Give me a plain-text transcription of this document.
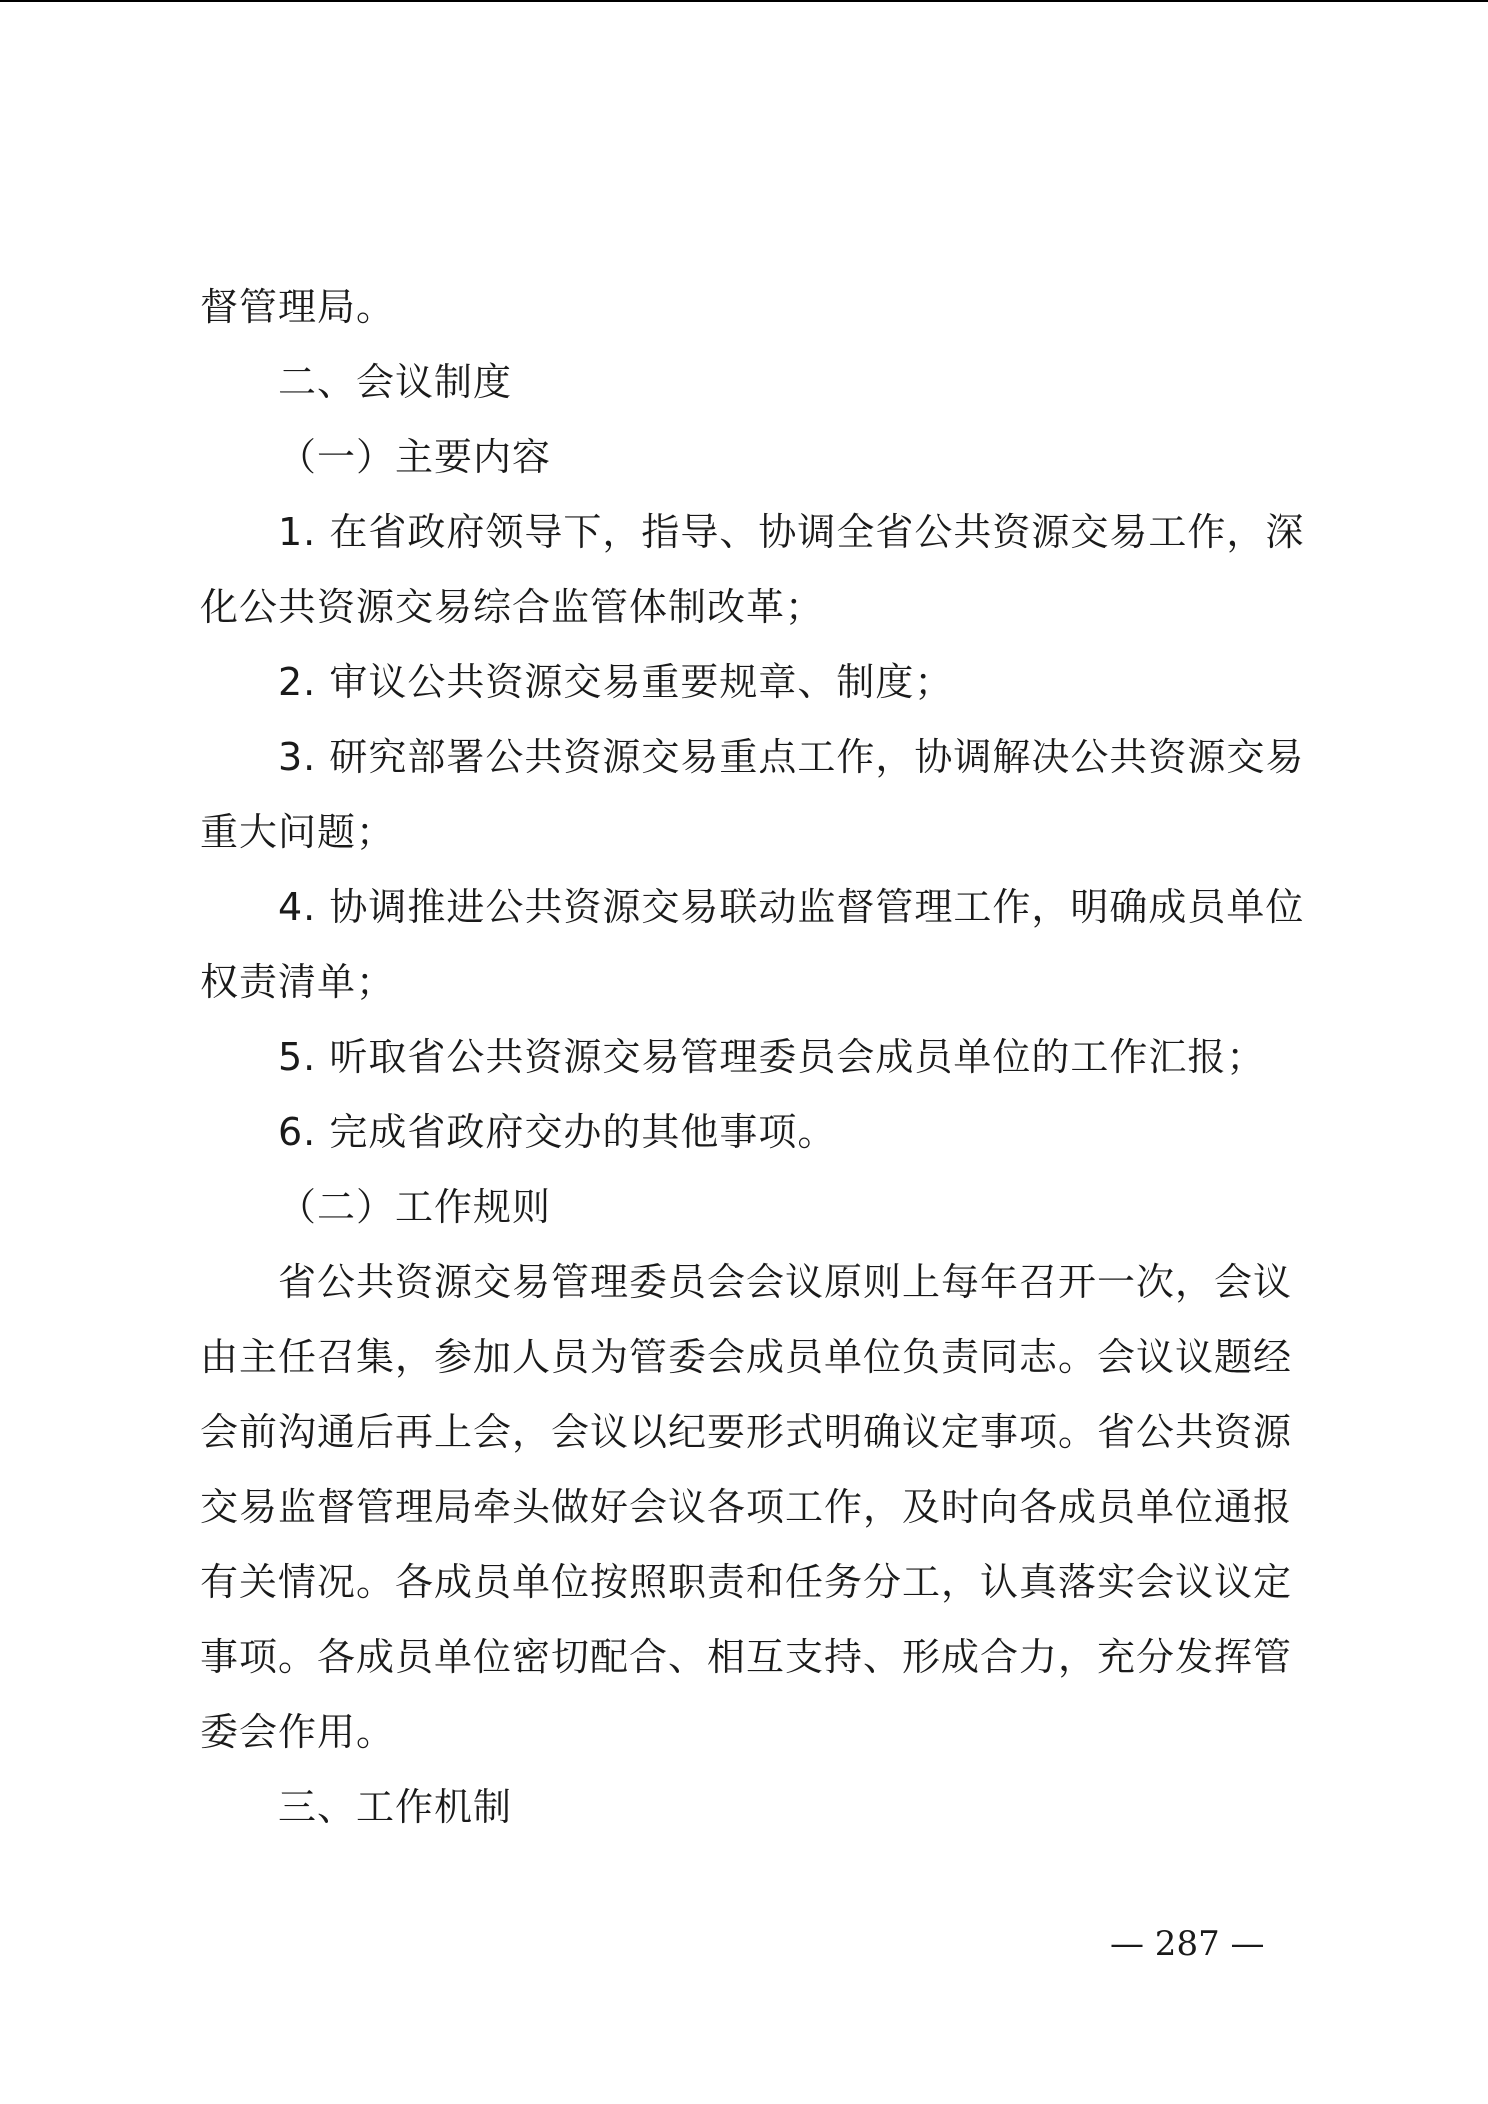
督管理局。
二、会议制度
（一）主要内容
1. 在省政府领导下，指导、协调全省公共资源交易工作，深
化公共资源交易综合监管体制改革；
2. 审议公共资源交易重要规章、制度；
3. 研究部署公共资源交易重点工作，协调解决公共资源交易
重大问题；
4. 协调推进公共资源交易联动监督管理工作，明确成员单位
权责清单；
5. 听取省公共资源交易管理委员会成员单位的工作汇报；
6. 完成省政府交办的其他事项。
（二）工作规则
省公共资源交易管理委员会会议原则上每年召开一次，会议
由主任召集，参加人员为管委会成员单位负责同志。会议议题经
会前沟通后再上会，会议以纪要形式明确议定事项。省公共资源
交易监督管理局牵头做好会议各项工作，及时向各成员单位通报
有关情况。各成员单位按照职责和任务分工，认真落实会议议定
事项。各成员单位密切配合、相互支持、形成合力，充分发挥管
委会作用。
三、工作机制
— 287 —
